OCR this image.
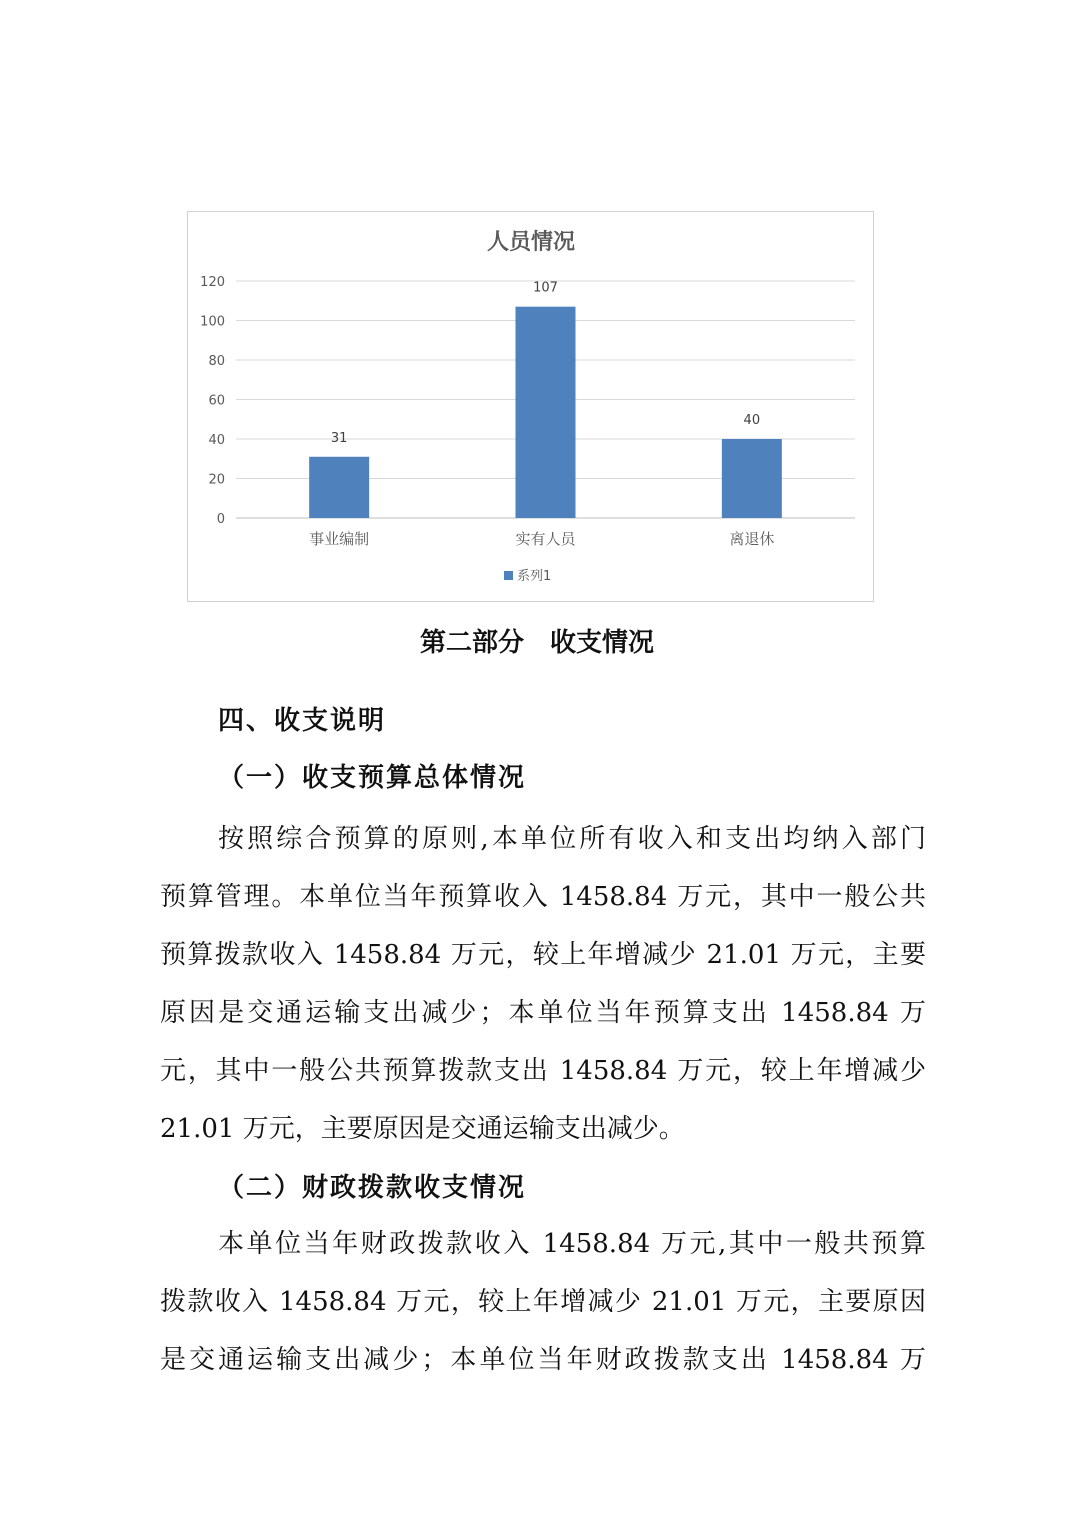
人员情况
0
20
40
60
80
100
120
31
事业编制
107
实有人员
40
离退休
系列1
第二部分　收支情况
四、收支说明
（一）收支预算总体情况
按照综合预算的原则,本单位所有收入和支出均纳入部门
预算管理。本单位当年预算收入 1458.84 万元，其中一般公共
预算拨款收入 1458.84 万元，较上年增减少 21.01 万元，主要
原因是交通运输支出减少；本单位当年预算支出 1458.84 万
元，其中一般公共预算拨款支出 1458.84 万元，较上年增减少
21.01 万元，主要原因是交通运输支出减少。
（二）财政拨款收支情况
本单位当年财政拨款收入 1458.84 万元,其中一般共预算
拨款收入 1458.84 万元，较上年增减少 21.01 万元，主要原因
是交通运输支出减少；本单位当年财政拨款支出 1458.84 万
